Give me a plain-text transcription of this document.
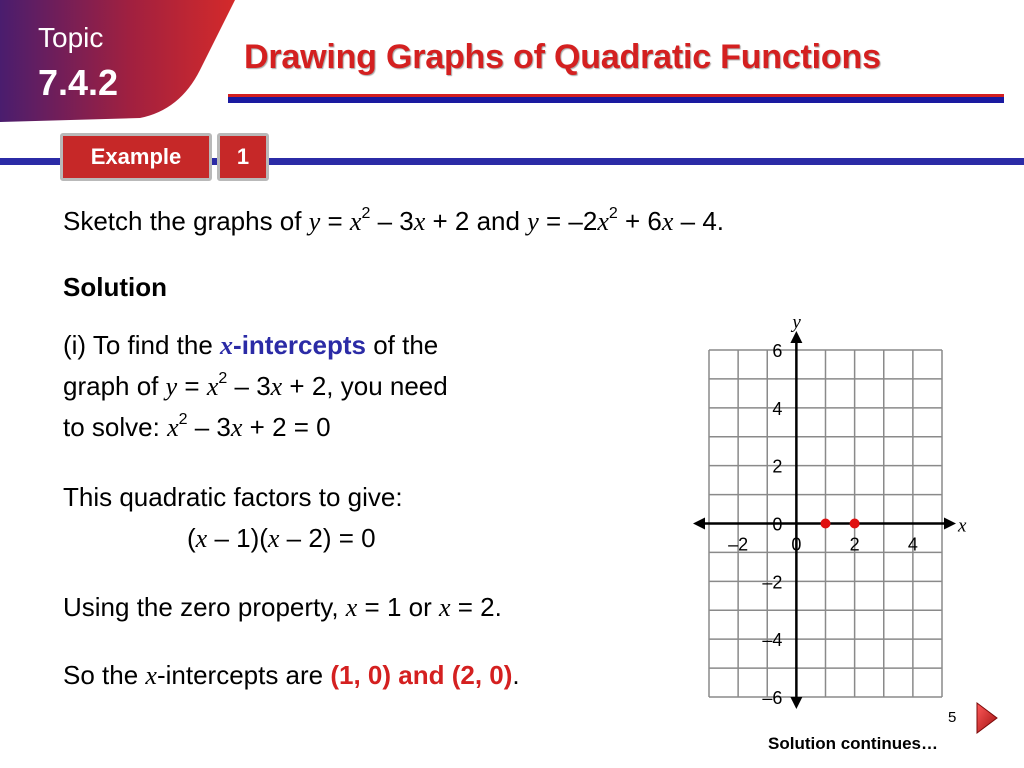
Topic
7.4.2
Drawing Graphs of Quadratic Functions
Example	1
Sketch the graphs of $y = x^2 - 3x + 2$ and $y = -2x^2 + 6x - 4$.
Solution
(i) To find the x-intercepts of the
graph of $y = x^2 - 3x + 2$, you need
to solve: $x^2 - 3x + 2 = 0$
This quadratic factors to give:
(x – 1)(x – 2) = 0
Using the zero property, x = 1 or x = 2.
So the x-intercepts are (1, 0) and (2, 0).
x
y
–2 0	2	4
6
4
2
0
–2
–4
–6
5
Solution continues…
